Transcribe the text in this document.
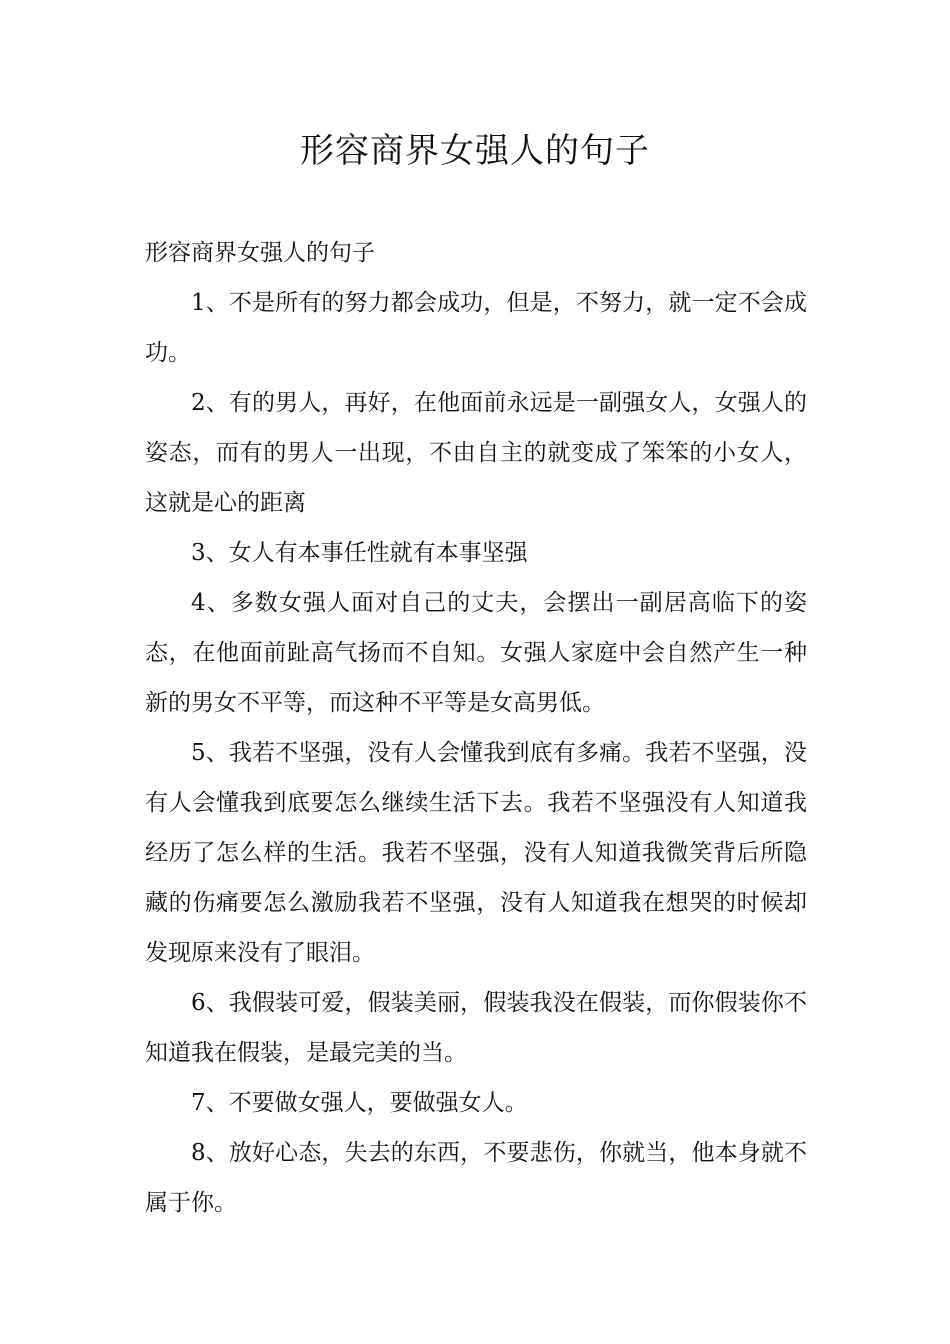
形容商界女强人的句子

形容商界女强人的句子

1、不是所有的努力都会成功，但是，不努力，就一定不会成功。

2、有的男人，再好，在他面前永远是一副强女人，女强人的姿态，而有的男人一出现，不由自主的就变成了笨笨的小女人，这就是心的距离

3、女人有本事任性就有本事坚强

4、多数女强人面对自己的丈夫，会摆出一副居高临下的姿态，在他面前趾高气扬而不自知。女强人家庭中会自然产生一种新的男女不平等，而这种不平等是女高男低。

5、我若不坚强，没有人会懂我到底有多痛。我若不坚强，没有人会懂我到底要怎么继续生活下去。我若不坚强没有人知道我经历了怎么样的生活。我若不坚强，没有人知道我微笑背后所隐藏的伤痛要怎么激励我若不坚强，没有人知道我在想哭的时候却发现原来没有了眼泪。

6、我假装可爱，假装美丽，假装我没在假装，而你假装你不知道我在假装，是最完美的当。

7、不要做女强人，要做强女人。

8、放好心态，失去的东西，不要悲伤，你就当，他本身就不属于你。
